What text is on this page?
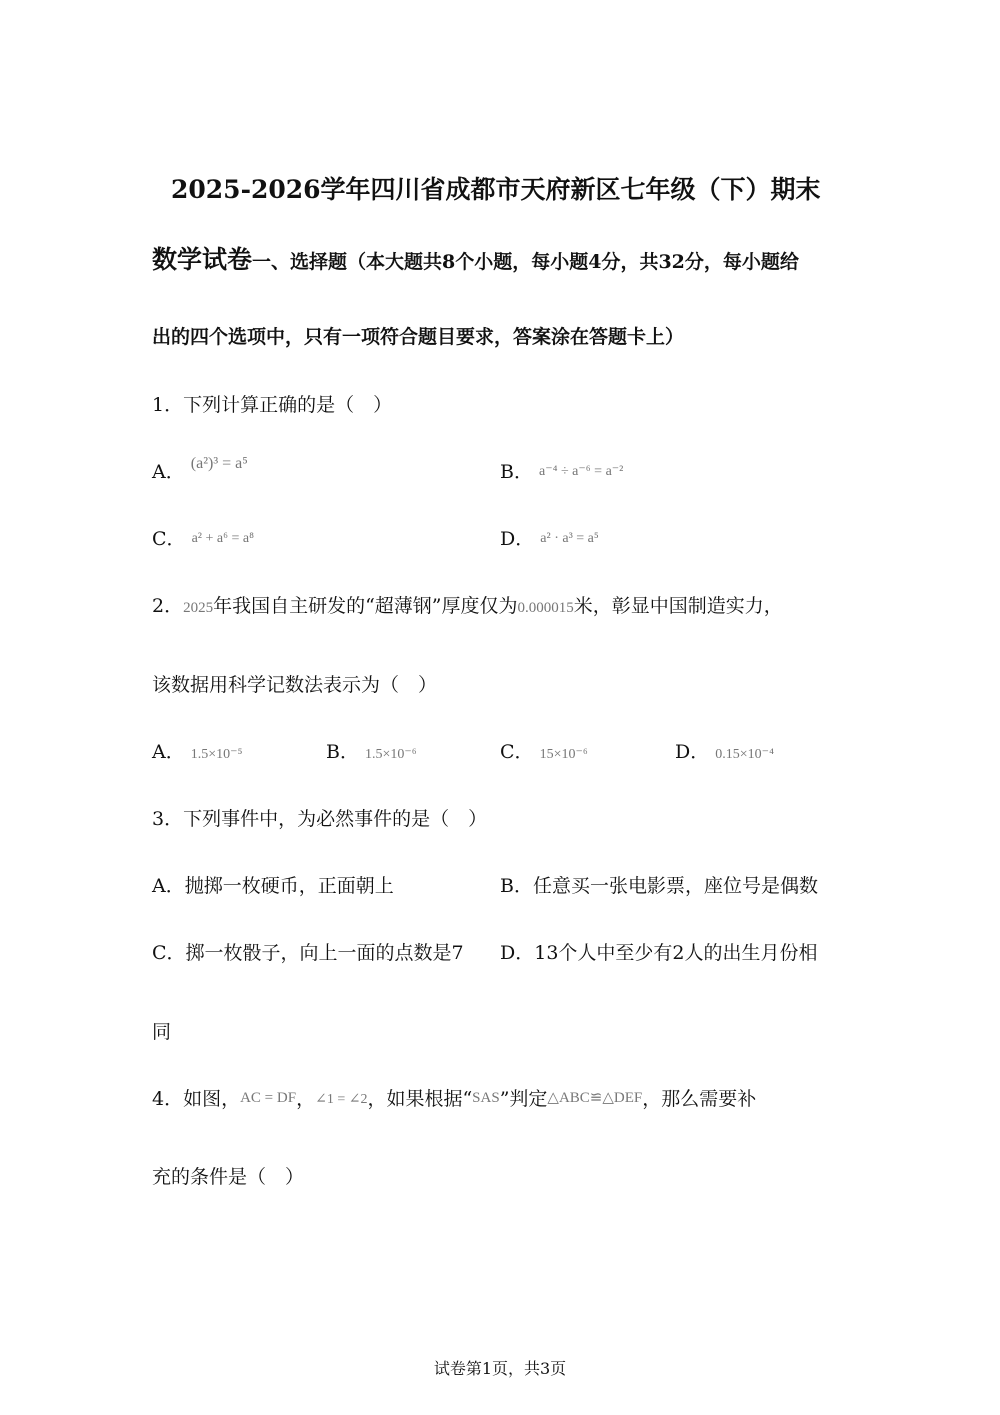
2025-2026学年四川省成都市天府新区七年级（下）期末
数学试卷一、选择题（本大题共8个小题，每小题4分，共32分，每小题给
出的四个选项中，只有一项符合题目要求，答案涂在答题卡上）
1．下列计算正确的是（　）
A． $^{(a^2)^3 = a^5}$	B． a⁻⁴ ÷ a⁻⁶ = a⁻²
C． a² + a⁶ = a⁸	D． a² · a³ = a⁵
2．2025年我国自主研发的“超薄钢”厚度仅为0.000015米，彰显中国制造实力，
该数据用科学记数法表示为（　）
A． 1.5×10⁻⁵	B． 1.5×10⁻⁶	C． 15×10⁻⁶	D． 0.15×10⁻⁴
3．下列事件中，为必然事件的是（　）
A．抛掷一枚硬币，正面朝上	B．任意买一张电影票，座位号是偶数
C．掷一枚骰子，向上一面的点数是7 D．13个人中至少有2人的出生月份相
同
4．如图，AC = DF，∠1 = ∠2，如果根据“SAS”判定△ABC≌△DEF，那么需要补
充的条件是（　）
试卷第1页，共3页
